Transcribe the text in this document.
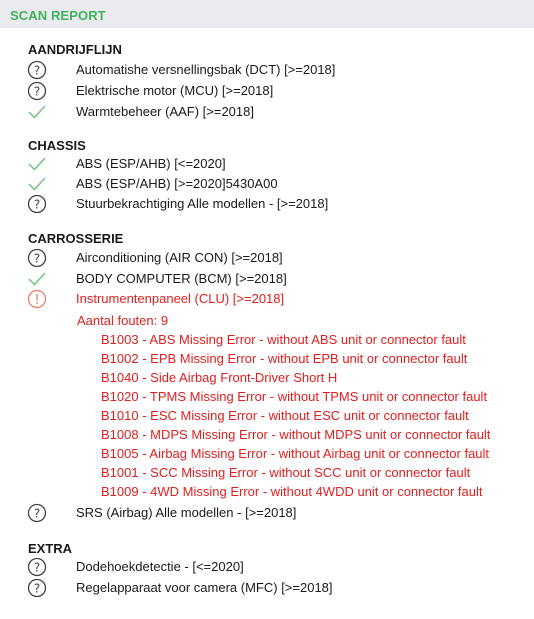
SCAN REPORT
AANDRIJFLIJN
?	Automatishe versnellingsbak (DCT) [>=2018]
?	Elektrische motor (MCU) [>=2018]
Warmtebeheer (AAF) [>=2018]
CHASSIS
ABS (ESP/AHB) [<=2020]
ABS (ESP/AHB) [>=2020]5430A00
?	Stuurbekrachtiging Alle modellen - [>=2018]
CARROSSERIE
?	Airconditioning (AIR CON) [>=2018]
BODY COMPUTER (BCM) [>=2018]
Instrumentenpaneel (CLU) [>=2018]
Aantal fouten: 9
B1003 - ABS Missing Error - without ABS unit or connector fault
B1002 - EPB Missing Error - without EPB unit or connector fault
B1040 - Side Airbag Front-Driver Short H
B1020 - TPMS Missing Error - without TPMS unit or connector fault
B1010 - ESC Missing Error - without ESC unit or connector fault
B1008 - MDPS Missing Error - without MDPS unit or connector fault
B1005 - Airbag Missing Error - without Airbag unit or connector fault
B1001 - SCC Missing Error - without SCC unit or connector fault
B1009 - 4WD Missing Error - without 4WDD unit or connector fault
?	SRS (Airbag) Alle modellen - [>=2018]
EXTRA
?	Dodehoekdetectie - [<=2020]
?	Regelapparaat voor camera (MFC) [>=2018]
